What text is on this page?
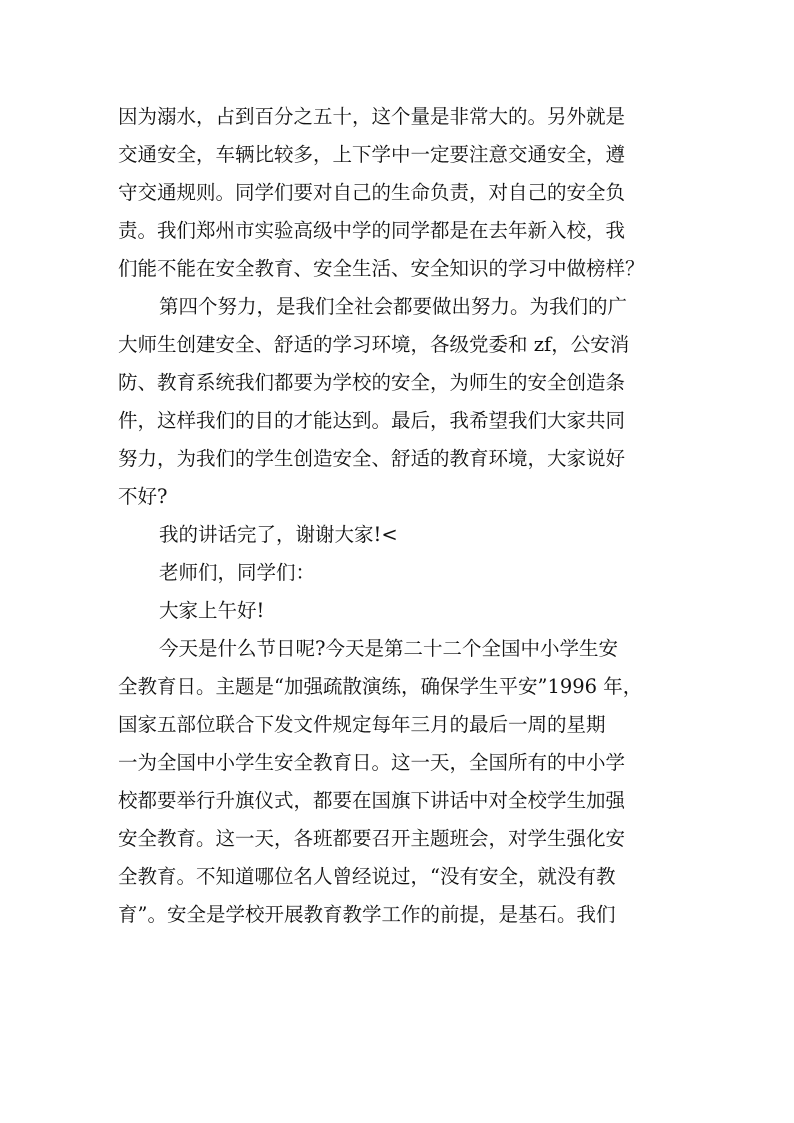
因为溺水，占到百分之五十，这个量是非常大的。另外就是
交通安全，车辆比较多，上下学中一定要注意交通安全，遵
守交通规则。同学们要对自己的生命负责，对自己的安全负
责。我们郑州市实验高级中学的同学都是在去年新入校，我
们能不能在安全教育、安全生活、安全知识的学习中做榜样？

第四个努力，是我们全社会都要做出努力。为我们的广
大师生创建安全、舒适的学习环境，各级党委和 zf，公安消
防、教育系统我们都要为学校的安全，为师生的安全创造条
件，这样我们的目的才能达到。最后，我希望我们大家共同
努力，为我们的学生创造安全、舒适的教育环境，大家说好
不好?

我的讲话完了，谢谢大家!<

老师们，同学们：

大家上午好!

今天是什么节日呢?今天是第二十二个全国中小学生安
全教育日。主题是“加强疏散演练，确保学生平安”1996 年，
国家五部位联合下发文件规定每年三月的最后一周的星期
一为全国中小学生安全教育日。这一天，全国所有的中小学
校都要举行升旗仪式，都要在国旗下讲话中对全校学生加强
安全教育。这一天，各班都要召开主题班会，对学生强化安
全教育。不知道哪位名人曾经说过，“没有安全，就没有教
育”。安全是学校开展教育教学工作的前提，是基石。我们
